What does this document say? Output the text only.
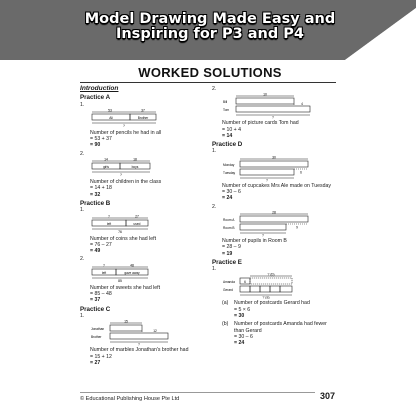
Model Drawing Made Easy and
Inspiring for P3 and P4
WORKED SOLUTIONS
Introduction
Practice A
1.
53	37
Ali	Brother
?
Number of pencils he had in all
= 53 + 37
= 90
2.
14	18
girls	boys
?
Number of children in the class
= 14 + 18
= 32
Practice B
1.
?	27
left	used
76
Number of coins she had left
= 76 – 27
= 49
2.
?	48
left	gave away
85
Number of sweets she had left
= 85 – 48
= 37
Practice C
1.
15
Jonathan
Brother
12
?
Number of marbles Jonathan's brother had
= 15 + 12
= 27
2.
10
Bill
Tom
4
?
Number of picture cards Tom had
= 10 + 4
= 14
Practice D
1.
30
Monday
Tuesday	6
?
Number of cupcakes Mrs Ale made on Tuesday
= 30 – 6
= 24
2.
28
Room A
Room B	9
?
Number of pupils in Room B
= 28 – 9
= 19
Practice E
1.
Amanda
Gerard
6
? (b)
? (a)
(a)	Number of postcards Gerard had
= 5 × 6
= 30
(b)	Number of postcards Amanda had fewer
than Gerard
= 30 – 6
= 24
© Educational Publishing House Pte Ltd	307
